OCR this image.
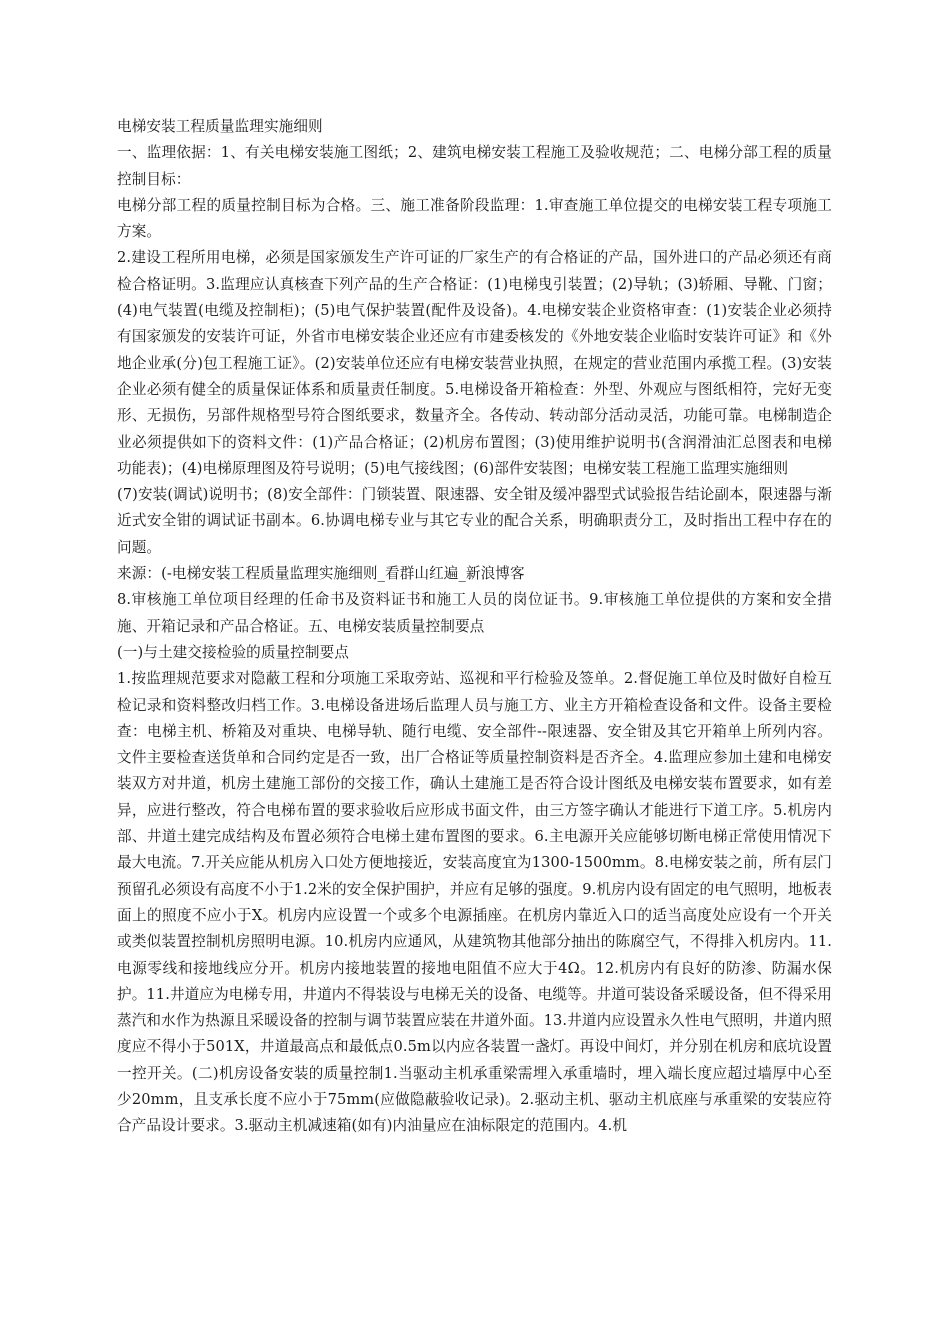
电梯安装工程质量监理实施细则

一、监理依据：1、有关电梯安装施工图纸；2、建筑电梯安装工程施工及验收规范；二、电梯分部工程的质量控制目标：

电梯分部工程的质量控制目标为合格。三、施工准备阶段监理：1.审查施工单位提交的电梯安装工程专项施工方案。

2.建设工程所用电梯，必须是国家颁发生产许可证的厂家生产的有合格证的产品，国外进口的产品必须还有商检合格证明。3.监理应认真核查下列产品的生产合格证：(1)电梯曳引装置；(2)导轨；(3)轿厢、导靴、门窗；(4)电气装置(电缆及控制柜)；(5)电气保护装置(配件及设备)。4.电梯安装企业资格审查：(1)安装企业必须持有国家颁发的安装许可证，外省市电梯安装企业还应有市建委核发的《外地安装企业临时安装许可证》和《外地企业承(分)包工程施工证》。(2)安装单位还应有电梯安装营业执照，在规定的营业范围内承揽工程。(3)安装企业必须有健全的质量保证体系和质量责任制度。5.电梯设备开箱检查：外型、外观应与图纸相符，完好无变形、无损伤，另部件规格型号符合图纸要求，数量齐全。各传动、转动部分活动灵活，功能可靠。电梯制造企业必须提供如下的资料文件：(1)产品合格证；(2)机房布置图；(3)使用维护说明书(含润滑油汇总图表和电梯功能表)；(4)电梯原理图及符号说明；(5)电气接线图；(6)部件安装图；电梯安装工程施工监理实施细则

(7)安装(调试)说明书；(8)安全部件：门锁装置、限速器、安全钳及缓冲器型式试验报告结论副本，限速器与渐近式安全钳的调试证书副本。6.协调电梯专业与其它专业的配合关系，明确职责分工，及时指出工程中存在的问题。

来源：(-电梯安装工程质量监理实施细则_看群山红遍_新浪博客

8.审核施工单位项目经理的任命书及资料证书和施工人员的岗位证书。9.审核施工单位提供的方案和安全措施、开箱记录和产品合格证。五、电梯安装质量控制要点

(一)与土建交接检验的质量控制要点

1.按监理规范要求对隐蔽工程和分项施工采取旁站、巡视和平行检验及签单。2.督促施工单位及时做好自检互检记录和资料整改归档工作。3.电梯设备进场后监理人员与施工方、业主方开箱检查设备和文件。设备主要检查：电梯主机、桥箱及对重块、电梯导轨、随行电缆、安全部件--限速器、安全钳及其它开箱单上所列内容。文件主要检查送货单和合同约定是否一致，出厂合格证等质量控制资料是否齐全。4.监理应参加土建和电梯安装双方对井道，机房土建施工部份的交接工作，确认土建施工是否符合设计图纸及电梯安装布置要求，如有差异，应进行整改，符合电梯布置的要求验收后应形成书面文件，由三方签字确认才能进行下道工序。5.机房内部、井道土建完成结构及布置必须符合电梯土建布置图的要求。6.主电源开关应能够切断电梯正常使用情况下最大电流。7.开关应能从机房入口处方便地接近，安装高度宜为1300-1500mm。8.电梯安装之前，所有层门预留孔必须设有高度不小于1.2米的安全保护围护，并应有足够的强度。9.机房内设有固定的电气照明，地板表面上的照度不应小于X。机房内应设置一个或多个电源插座。在机房内靠近入口的适当高度处应设有一个开关或类似装置控制机房照明电源。10.机房内应通风，从建筑物其他部分抽出的陈腐空气，不得排入机房内。11.电源零线和接地线应分开。机房内接地装置的接地电阻值不应大于4Ω。12.机房内有良好的防渗、防漏水保护。11.井道应为电梯专用，井道内不得装设与电梯无关的设备、电缆等。井道可装设备采暖设备，但不得采用蒸汽和水作为热源且采暖设备的控制与调节装置应装在井道外面。13.井道内应设置永久性电气照明，井道内照度应不得小于501X，井道最高点和最低点0.5m以内应各装置一盏灯。再设中间灯，并分别在机房和底坑设置一控开关。(二)机房设备安装的质量控制1.当驱动主机承重梁需埋入承重墙时，埋入端长度应超过墙厚中心至少20mm，且支承长度不应小于75mm(应做隐蔽验收记录)。2.驱动主机、驱动主机底座与承重梁的安装应符合产品设计要求。3.驱动主机减速箱(如有)内油量应在油标限定的范围内。4.机
